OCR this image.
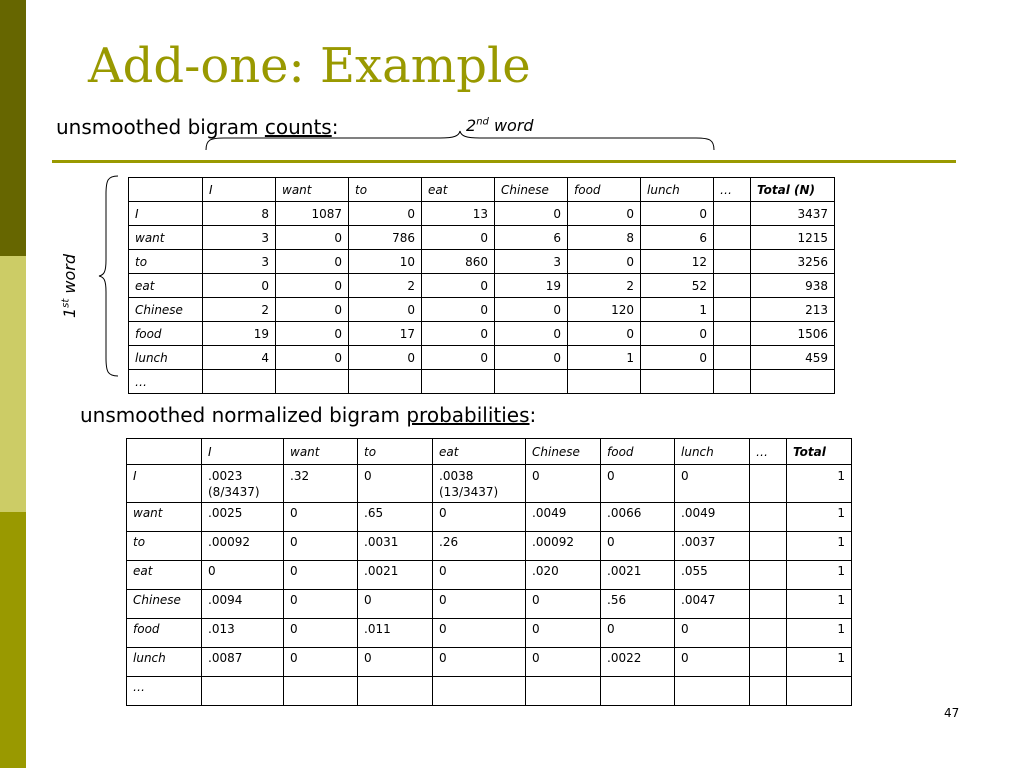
Add-one: Example
unsmoothed bigram counts:	2nd word
1st word
	I	want	to	eat	Chinese	food	lunch	…	Total (N)
I	8	1087	0	13	0	0	0		3437
want	3	0	786	0	6	8	6		1215
to	3	0	10	860	3	0	12		3256
eat	0	0	2	0	19	2	52		938
Chinese	2	0	0	0	0	120	1		213
food	19	0	17	0	0	0	0		1506
lunch	4	0	0	0	0	1	0		459
…									
unsmoothed normalized bigram probabilities:
	I	want	to	eat	Chinese	food	lunch	…	Total
I	.0023 (8/3437)	.32	0	.0038 (13/3437)	0	0	0		1
want	.0025	0	.65	0	.0049	.0066	.0049		1
to	.00092	0	.0031	.26	.00092	0	.0037		1
eat	0	0	.0021	0	.020	.0021	.055		1
Chinese	.0094	0	0	0	0	.56	.0047		1
food	.013	0	.011	0	0	0	0		1
lunch	.0087	0	0	0	0	.0022	0		1
…									
47
